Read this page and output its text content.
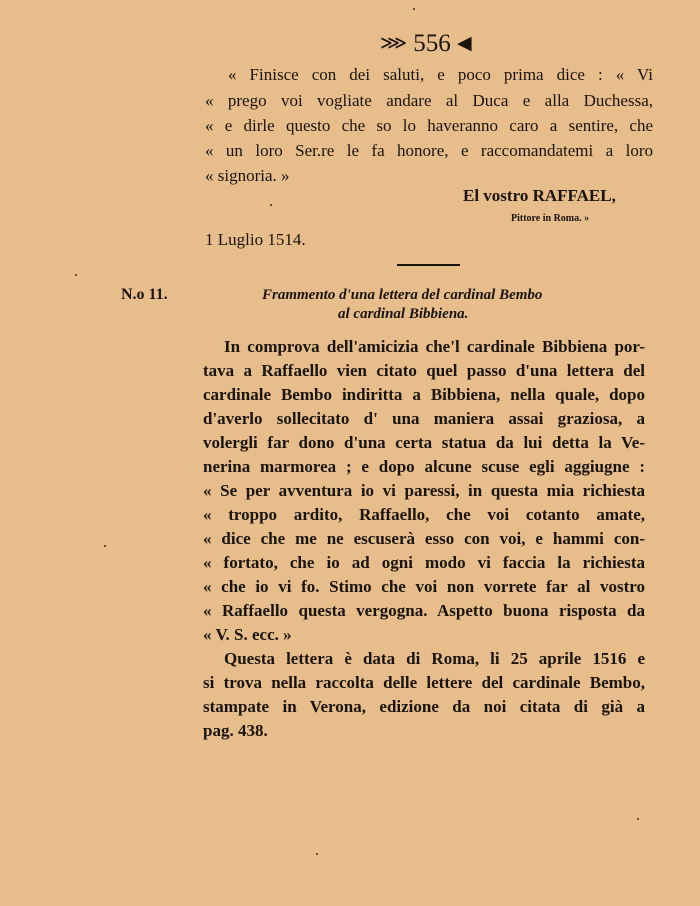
⋙ 556 ◀
« Finisce con dei saluti, e poco prima dice : « Vi
« prego voi vogliate andare al Duca e alla Duchessa,
« e dirle questo che so lo haveranno caro a sentire, che
« un loro Ser.re le fa honore, e raccomandatemi a loro
« signoria. »
El vostro RAFFAEL,
Pittore in Roma. »
1 Luglio 1514.
N.o 11.	Frammento d'una lettera del cardinal Bembo
al cardinal Bibbiena.
In comprova dell'amicizia che'l cardinale Bibbiena por-
tava a Raffaello vien citato quel passo d'una lettera del
cardinale Bembo indiritta a Bibbiena, nella quale, dopo
d'averlo sollecitato d' una maniera assai graziosa, a
volergli far dono d'una certa statua da lui detta la Ve-
nerina marmorea ; e dopo alcune scuse egli aggiugne :
« Se per avventura io vi paressi, in questa mia richiesta
« troppo ardito, Raffaello, che voi cotanto amate,
« dice che me ne escuserà esso con voi, e hammi con-
« fortato, che io ad ogni modo vi faccia la richiesta
« che io vi fo. Stimo che voi non vorrete far al vostro
« Raffaello questa vergogna. Aspetto buona risposta da
« V. S. ecc. »
Questa lettera è data di Roma, li 25 aprile 1516 e
si trova nella raccolta delle lettere del cardinale Bembo,
stampate in Verona, edizione da noi citata di già a
pag. 438.
